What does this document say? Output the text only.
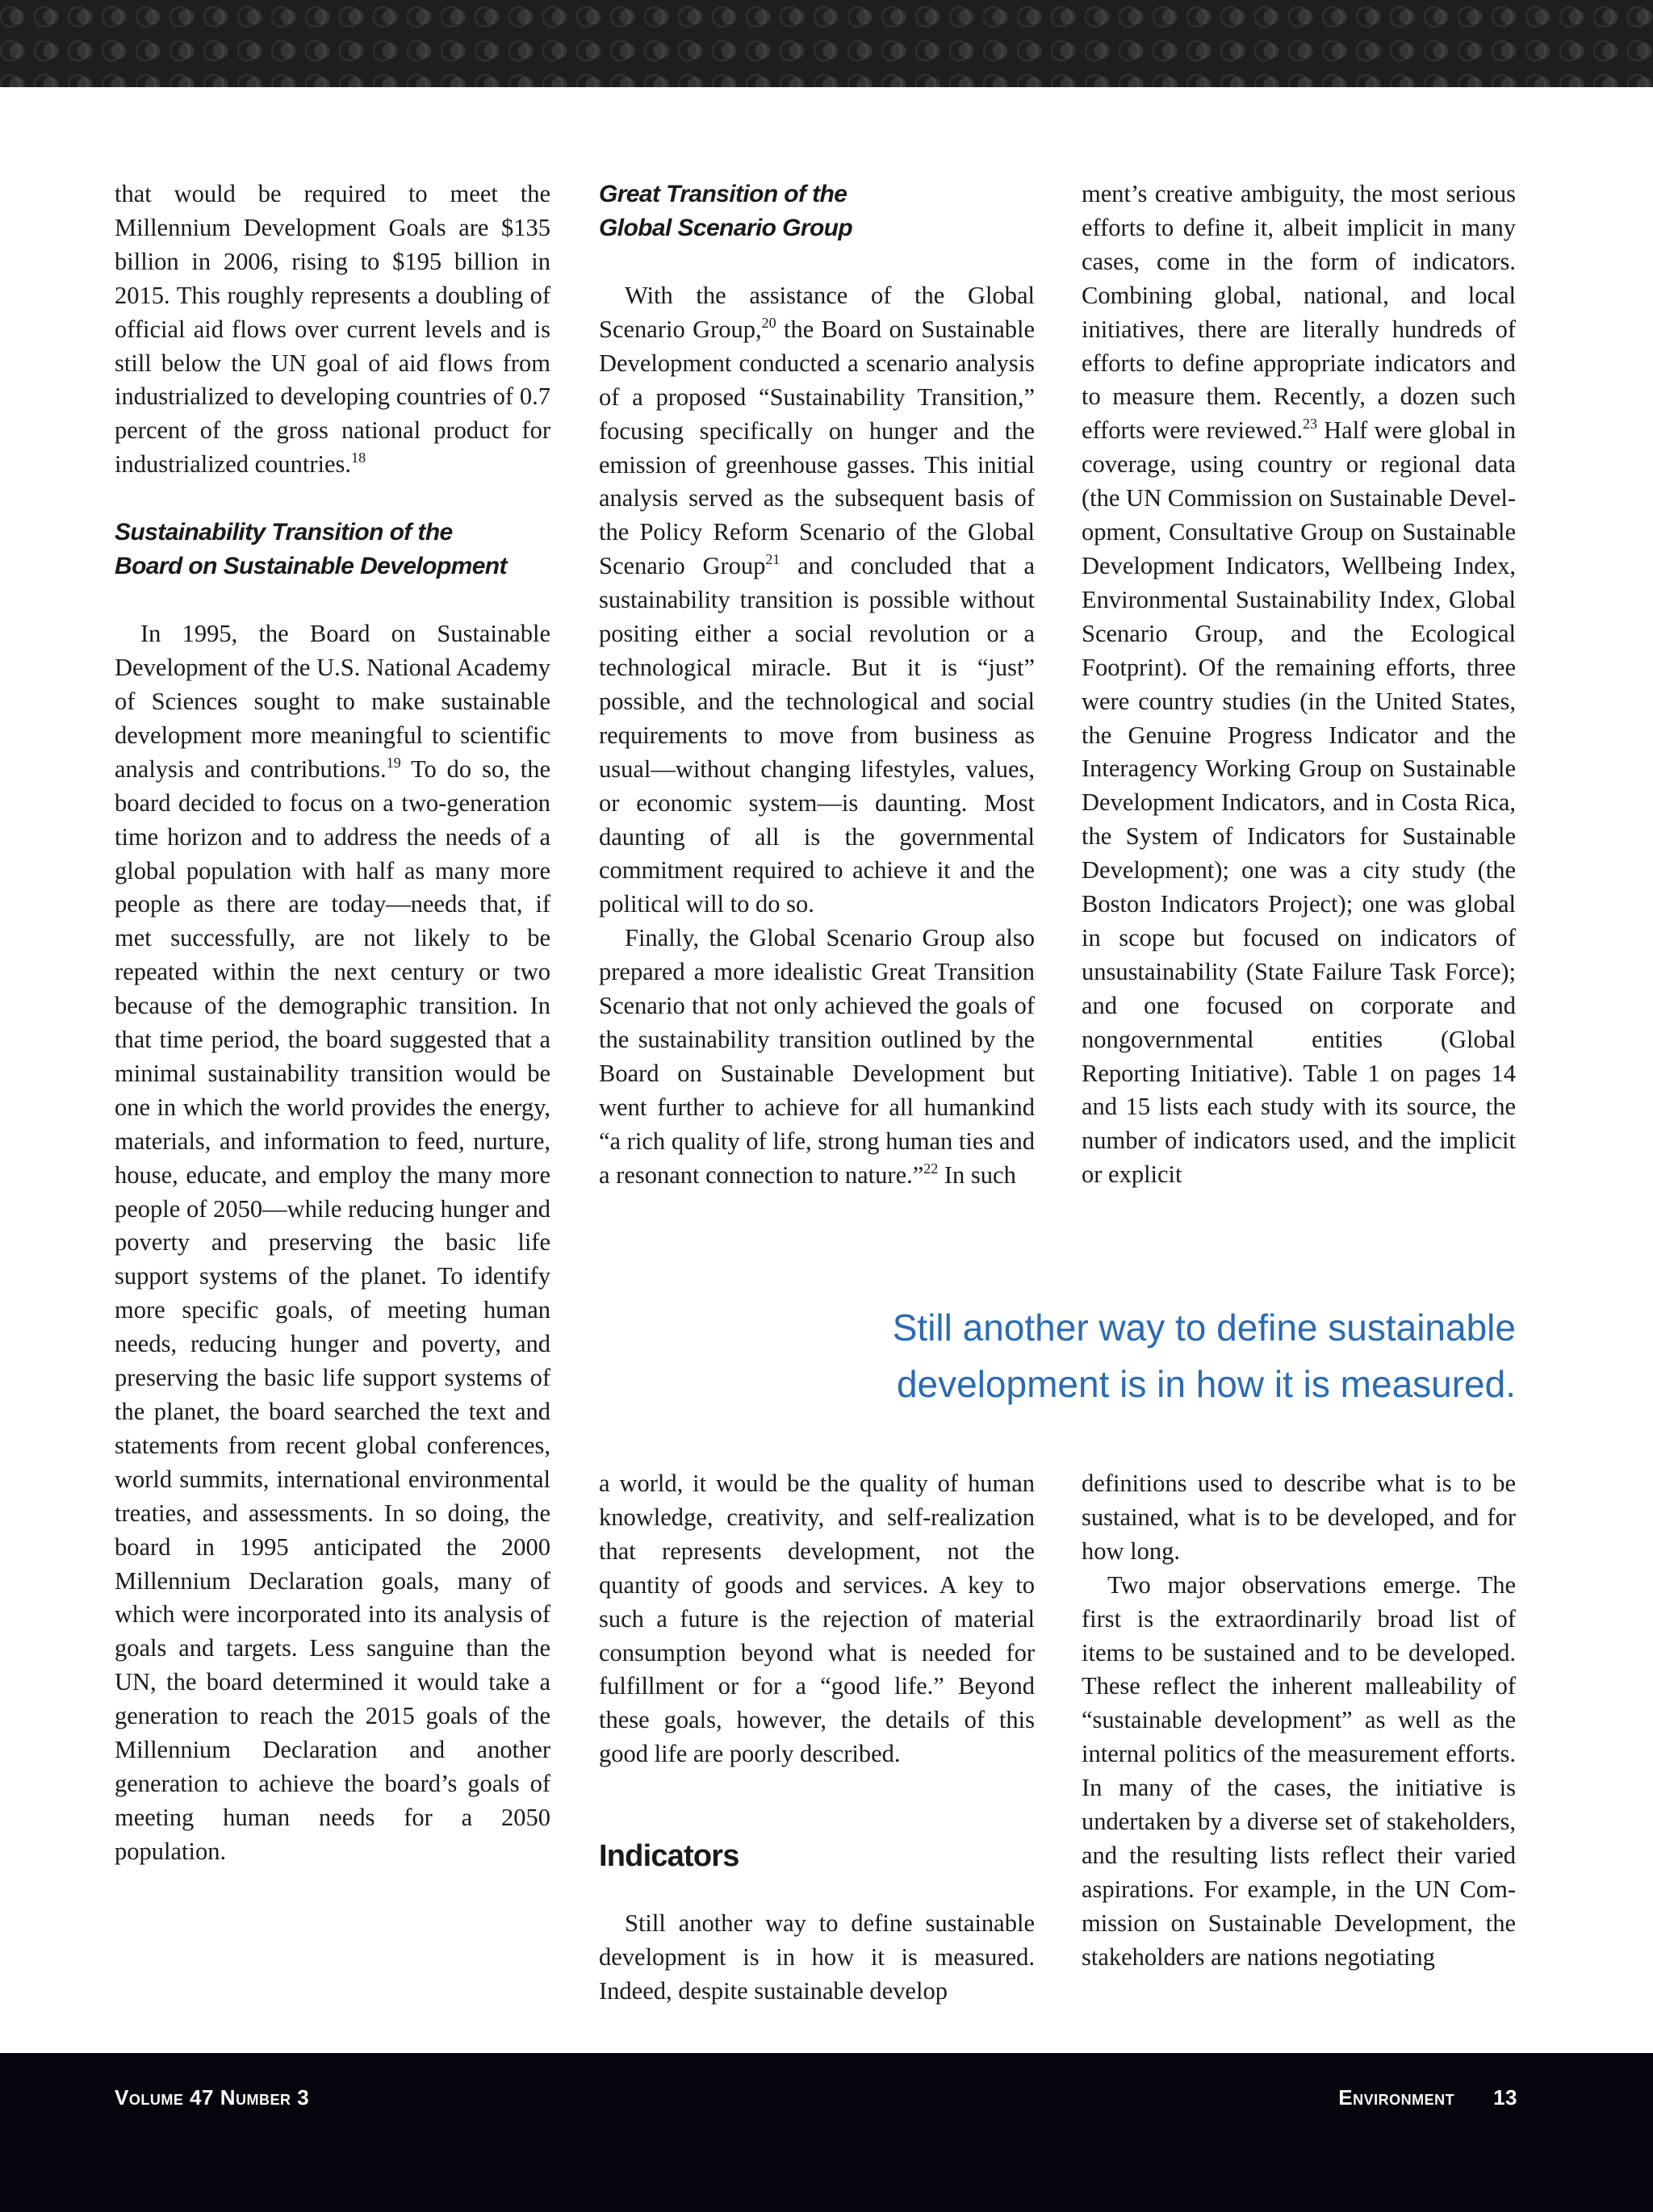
that would be required to meet the Millennium Development Goals are $135 billion in 2006, rising to $195 billion in 2015. This roughly represents a doubling of official aid flows over current levels and is still below the UN goal of aid flows from industrialized to developing countries of 0.7 percent of the gross national product for industrialized countries.$^{18}$

Sustainability Transition of the
Board on Sustainable Development

In 1995, the Board on Sustainable Development of the U.S. National Academy of Sciences sought to make sustainable development more meaningful to scientific analysis and contributions.$^{19}$ To do so, the board decided to focus on a two-generation time horizon and to address the needs of a global population with half as many more people as there are today—needs that, if met successfully, are not likely to be repeated within the next century or two because of the demographic transition. In that time period, the board suggested that a minimal sustainability transition would be one in which the world provides the energy, materials, and information to feed, nurture, house, educate, and employ the many more people of 2050—while reducing hunger and poverty and preserving the basic life support systems of the planet. To identify more specific goals, of meeting human needs, reducing hunger and poverty, and preserving the basic life support systems of the planet, the board searched the text and statements from recent global conferences, world summits, international environmental treaties, and assessments. In so doing, the board in 1995 anticipated the 2000 Millennium Declaration goals, many of which were incorporated into its analysis of goals and targets. Less sanguine than the UN, the board determined it would take a generation to reach the 2015 goals of the Millennium Declaration and another generation to achieve the board’s goals of meeting human needs for a 2050 population.

Great Transition of the
Global Scenario Group

With the assistance of the Global Scenario Group,$^{20}$ the Board on Sustainable Development conducted a scenario analysis of a proposed “Sustainability Transition,” focusing specifically on hunger and the emission of greenhouse gasses. This initial analysis served as the subsequent basis of the Policy Reform Scenario of the Global Scenario Group$^{21}$ and concluded that a sustainability transition is possible without positing either a social revolution or a technological miracle. But it is “just” possible, and the technological and social requirements to move from business as usual—without changing lifestyles, values, or economic system—is daunting. Most daunting of all is the governmental commitment required to achieve it and the political will to do so.

Finally, the Global Scenario Group also prepared a more idealistic Great Transition Scenario that not only achieved the goals of the sustainability transition outlined by the Board on Sustainable Development but went further to achieve for all humankind “a rich quality of life, strong human ties and a resonant connection to nature.”$^{22}$ In such

ment’s creative ambiguity, the most serious efforts to define it, albeit implicit in many cases, come in the form of indicators. Combining global, national, and local initiatives, there are literally hundreds of efforts to define appropriate indicators and to measure them. Recently, a dozen such efforts were reviewed.$^{23}$ Half were global in coverage, using country or regional data (the UN Commission on Sustainable Development, Consultative Group on Sustainable Development Indicators, Wellbeing Index, Environmental Sustainability Index, Global Scenario Group, and the Ecological Footprint). Of the remaining efforts, three were country studies (in the United States, the Genuine Progress Indicator and the Interagency Working Group on Sustainable Development Indicators, and in Costa Rica, the System of Indicators for Sustainable Development); one was a city study (the Boston Indicators Project); one was global in scope but focused on indicators of unsustainability (State Failure Task Force); and one focused on corporate and nongovernmental entities (Global Reporting Initiative). Table 1 on pages 14 and 15 lists each study with its source, the number of indicators used, and the implicit or explicit

Still another way to define sustainable
development is in how it is measured.

a world, it would be the quality of human knowledge, creativity, and self-realization that represents development, not the quantity of goods and services. A key to such a future is the rejection of material consumption beyond what is needed for fulfillment or for a “good life.” Beyond these goals, however, the details of this good life are poorly described.

Indicators

Still another way to define sustainable development is in how it is measured. Indeed, despite sustainable develop

definitions used to describe what is to be sustained, what is to be developed, and for how long.

Two major observations emerge. The first is the extraordinarily broad list of items to be sustained and to be developed. These reflect the inherent malleability of “sustainable development” as well as the internal politics of the measurement efforts. In many of the cases, the initiative is undertaken by a diverse set of stakeholders, and the resulting lists reflect their varied aspirations. For example, in the UN Commission on Sustainable Development, the stakeholders are nations negotiating

Volume 47 Number 3	Environment 13
